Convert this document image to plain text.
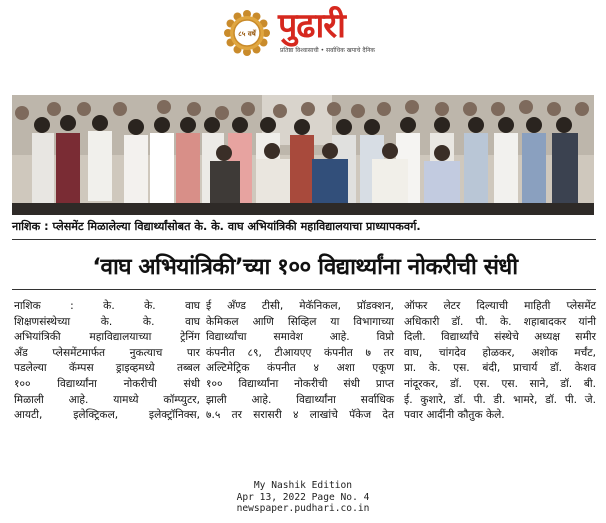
८५ वर्षे पुढारी
प्रतिष्ठा विश्वासाची • सर्वाधिक खपाचे दैनिक
नाशिक : प्लेसमेंट मिळालेल्या विद्यार्थ्यांसोबत के. के. वाघ अभियांत्रिकी महाविद्यालयाचा प्राध्यापकवर्ग.
‘वाघ अभियांत्रिकी’च्या १०० विद्यार्थ्यांना नोकरीची संधी

नाशिक : के. के. वाघ

शिक्षणसंस्थेच्या के. के. वाघ

अभियांत्रिकी महाविद्यालयाच्या ट्रेनिंग

अँड प्लेसमेंटमार्फत नुकत्याच पार

पडलेल्या कॅम्पस ड्राइव्हमध्ये तब्बल

१०० विद्यार्थ्यांना नोकरीची संधी

मिळाली आहे. यामध्ये कॉम्प्युटर,

आयटी, इलेक्ट्रिकल, इलेक्ट्रॉनिक्स,

ई अँण्ड टीसी, मेकॅनिकल, प्रॉडक्शन,

केमिकल आणि सिव्हिल या विभागाच्या

विद्यार्थ्यांचा समावेश आहे. विप्रो

कंपनीत ८९, टीआयएए कंपनीत ७ तर

अल्टिमेट्रिक कंपनीत ४ अशा एकूण

१०० विद्यार्थ्यांना नोकरीची संधी प्राप्त

झाली आहे. विद्यार्थ्यांना सर्वाधिक

७.५ तर सरासरी ४ लाखांचे पॅकेज देत

ऑफर लेटर दिल्याची माहिती प्लेसमेंट

अधिकारी डॉ. पी. के. शहाबादकर यांनी

दिली. विद्यार्थ्यांचे संस्थेचे अध्यक्ष समीर

वाघ, चांगदेव होळकर, अशोक मर्चंट,

प्रा. के. एस. बंदी, प्राचार्य डॉ. केशव

नांदूरकर, डॉ. एस. एस. साने, डॉ. बी.

ई. कुशारे, डॉ. पी. डी. भामरे, डॉ. पी. जे.

पवार आदींनी कौतुक केले.

My Nashik Edition
Apr 13, 2022 Page No. 4
newspaper.pudhari.co.in
